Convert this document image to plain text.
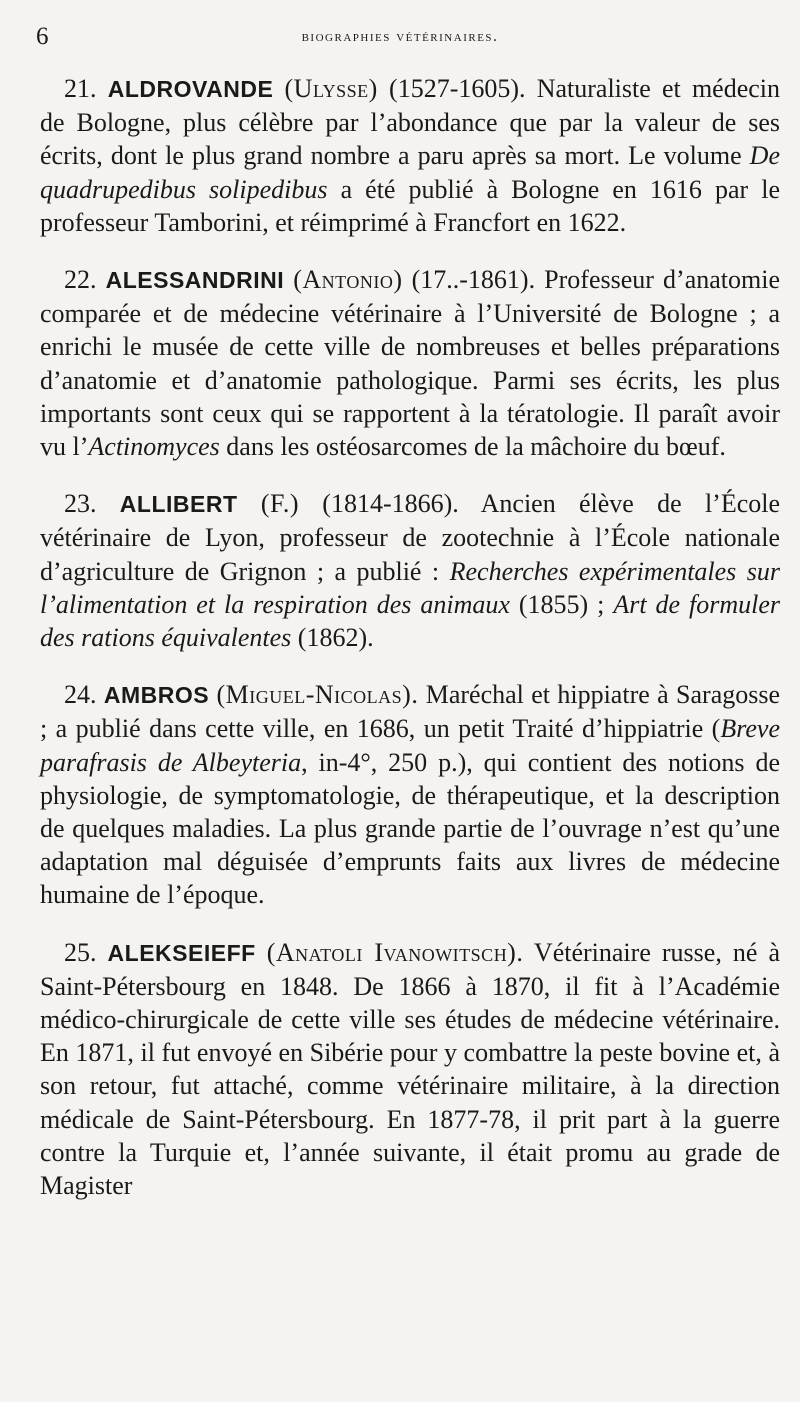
6	biographies vétérinaires.

21. ALDROVANDE (Ulysse) (1527-1605). Naturaliste et médecin de Bologne, plus célèbre par l’abondance que par la valeur de ses écrits, dont le plus grand nombre a paru après sa mort. Le volume De quadrupedibus solipedibus a été publié à Bologne en 1616 par le professeur Tamborini, et réimprimé à Francfort en 1622.

22. ALESSANDRINI (Antonio) (17..-1861). Professeur d’anatomie comparée et de médecine vétérinaire à l’Université de Bologne ; a enrichi le musée de cette ville de nombreuses et belles préparations d’anatomie et d’anatomie pathologique. Parmi ses écrits, les plus importants sont ceux qui se rapportent à la tératologie. Il paraît avoir vu l’Actinomyces dans les ostéosarcomes de la mâchoire du bœuf.

23. ALLIBERT (F.) (1814-1866). Ancien élève de l’École vétérinaire de Lyon, professeur de zootechnie à l’École nationale d’agriculture de Grignon ; a publié : Recherches expérimentales sur l’alimentation et la respiration des animaux (1855) ; Art de formuler des rations équivalentes (1862).

24. AMBROS (Miguel-Nicolas). Maréchal et hippiatre à Saragosse ; a publié dans cette ville, en 1686, un petit Traité d’hippiatrie (Breve parafrasis de Albeyteria, in-4°, 250 p.), qui contient des notions de physiologie, de symptomatologie, de thérapeutique, et la description de quelques maladies. La plus grande partie de l’ouvrage n’est qu’une adaptation mal déguisée d’emprunts faits aux livres de médecine humaine de l’époque.

25. ALEKSEIEFF (Anatoli Ivanowitsch). Vétérinaire russe, né à Saint-Pétersbourg en 1848. De 1866 à 1870, il fit à l’Académie médico-chirurgicale de cette ville ses études de médecine vétérinaire. En 1871, il fut envoyé en Sibérie pour y combattre la peste bovine et, à son retour, fut attaché, comme vétérinaire militaire, à la direction médicale de Saint-Pétersbourg. En 1877-78, il prit part à la guerre contre la Turquie et, l’année suivante, il était promu au grade de Magister
